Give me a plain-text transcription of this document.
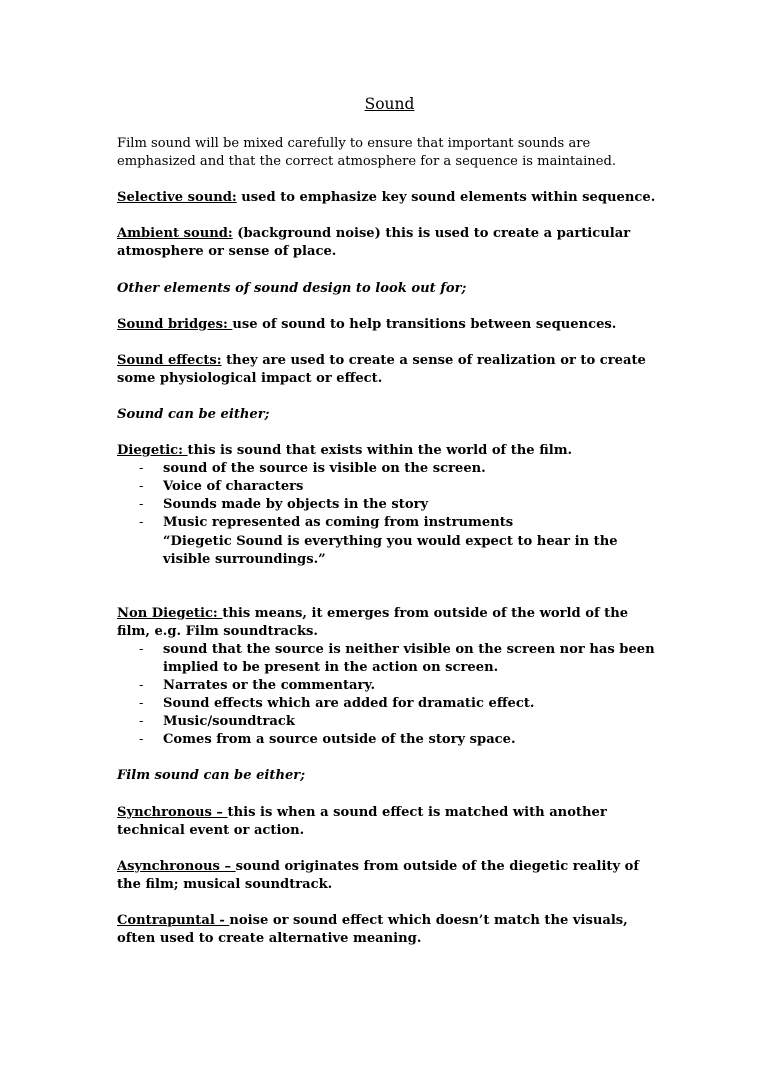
Sound

Film sound will be mixed carefully to ensure that important sounds are emphasized and that the correct atmosphere for a sequence is maintained.

Selective sound: used to emphasize key sound elements within sequence.

Ambient sound: (background noise) this is used to create a particular atmosphere or sense of place.

Other elements of sound design to look out for;

Sound bridges: use of sound to help transitions between sequences.

Sound effects: they are used to create a sense of realization or to create some physiological impact or effect.

Sound can be either;

Diegetic: this is sound that exists within the world of the film.
- sound of the source is visible on the screen.
- Voice of characters
- Sounds made by objects in the story
- Music represented as coming from instruments
“Diegetic Sound is everything you would expect to hear in the visible surroundings.”
Non Diegetic: this means, it emerges from outside of the world of the film, e.g. Film soundtracks.
- sound that the source is neither visible on the screen nor has been implied to be present in the action on screen.
- Narrates or the commentary.
- Sound effects which are added for dramatic effect.
- Music/soundtrack
- Comes from a source outside of the story space.

Film sound can be either;

Synchronous – this is when a sound effect is matched with another technical event or action.

Asynchronous – sound originates from outside of the diegetic reality of the film; musical soundtrack.

Contrapuntal - noise or sound effect which doesn’t match the visuals, often used to create alternative meaning.
